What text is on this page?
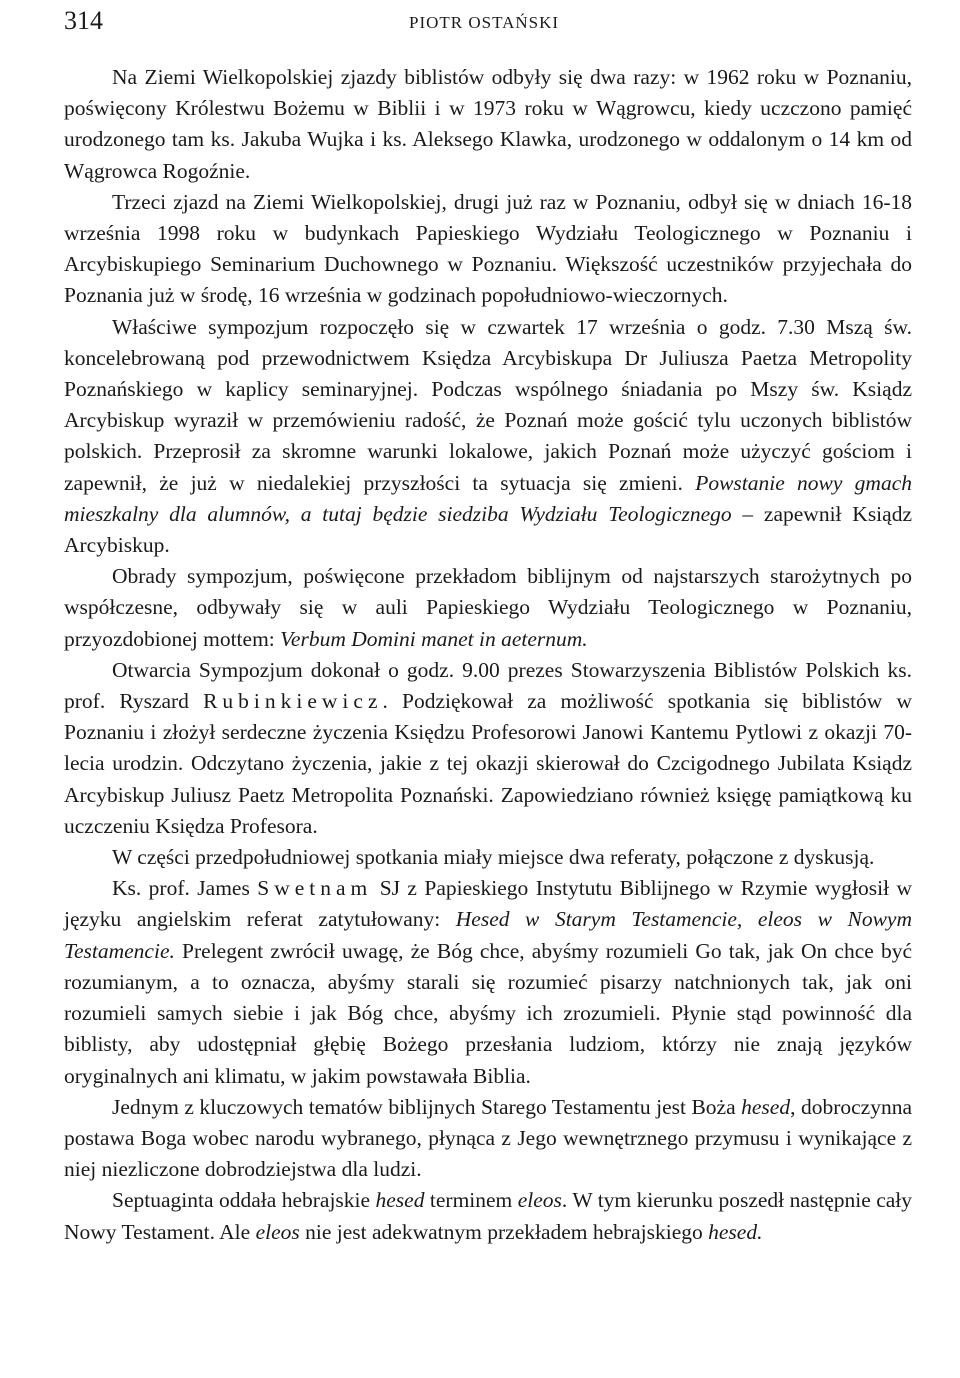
314	PIOTR OSTAŃSKI

Na Ziemi Wielkopolskiej zjazdy biblistów odbyły się dwa razy: w 1962 roku w Poznaniu, poświęcony Królestwu Bożemu w Biblii i w 1973 roku w Wągrowcu, kiedy uczczono pamięć urodzonego tam ks. Jakuba Wujka i ks. Aleksego Klawka, urodzonego w oddalonym o 14 km od Wągrowca Rogoźnie.

Trzeci zjazd na Ziemi Wielkopolskiej, drugi już raz w Poznaniu, odbył się w dniach 16-18 września 1998 roku w budynkach Papieskiego Wydziału Teologicznego w Poznaniu i Arcybiskupiego Seminarium Duchownego w Poznaniu. Większość uczestników przyjechała do Poznania już w środę, 16 września w godzinach popołudniowo-wieczornych.

Właściwe sympozjum rozpoczęło się w czwartek 17 września o godz. 7.30 Mszą św. koncelebrowaną pod przewodnictwem Księdza Arcybiskupa Dr Juliusza Paetza Metropolity Poznańskiego w kaplicy seminaryjnej. Podczas wspólnego śniadania po Mszy św. Ksiądz Arcybiskup wyraził w przemówieniu radość, że Poznań może gościć tylu uczonych biblistów polskich. Przeprosił za skromne warunki lokalowe, jakich Poznań może użyczyć gościom i zapewnił, że już w niedalekiej przyszłości ta sytuacja się zmieni. Powstanie nowy gmach mieszkalny dla alumnów, a tutaj będzie siedziba Wydziału Teologicznego – zapewnił Ksiądz Arcybiskup.

Obrady sympozjum, poświęcone przekładom biblijnym od najstarszych starożytnych po współczesne, odbywały się w auli Papieskiego Wydziału Teologicznego w Poznaniu, przyozdobionej mottem: Verbum Domini manet in aeternum.

Otwarcia Sympozjum dokonał o godz. 9.00 prezes Stowarzyszenia Biblistów Polskich ks. prof. Ryszard Rubinkiewicz. Podziękował za możliwość spotkania się biblistów w Poznaniu i złożył serdeczne życzenia Księdzu Profesorowi Janowi Kantemu Pytlowi z okazji 70-lecia urodzin. Odczytano życzenia, jakie z tej okazji skierował do Czcigodnego Jubilata Ksiądz Arcybiskup Juliusz Paetz Metropolita Poznański. Zapowiedziano również księgę pamiątkową ku uczczeniu Księdza Profesora.

W części przedpołudniowej spotkania miały miejsce dwa referaty, połączone z dyskusją.

Ks. prof. James Swetnam SJ z Papieskiego Instytutu Biblijnego w Rzymie wygłosił w języku angielskim referat zatytułowany: Hesed w Starym Testamencie, eleos w Nowym Testamencie. Prelegent zwrócił uwagę, że Bóg chce, abyśmy rozumieli Go tak, jak On chce być rozumianym, a to oznacza, abyśmy starali się rozumieć pisarzy natchnionych tak, jak oni rozumieli samych siebie i jak Bóg chce, abyśmy ich zrozumieli. Płynie stąd powinność dla biblisty, aby udostępniał głębię Bożego przesłania ludziom, którzy nie znają języków oryginalnych ani klimatu, w jakim powstawała Biblia.

Jednym z kluczowych tematów biblijnych Starego Testamentu jest Boża hesed, dobroczynna postawa Boga wobec narodu wybranego, płynąca z Jego wewnętrznego przymusu i wynikające z niej niezliczone dobrodziejstwa dla ludzi.

Septuaginta oddała hebrajskie hesed terminem eleos. W tym kierunku poszedł następnie cały Nowy Testament. Ale eleos nie jest adekwatnym przekładem hebrajskiego hesed.
